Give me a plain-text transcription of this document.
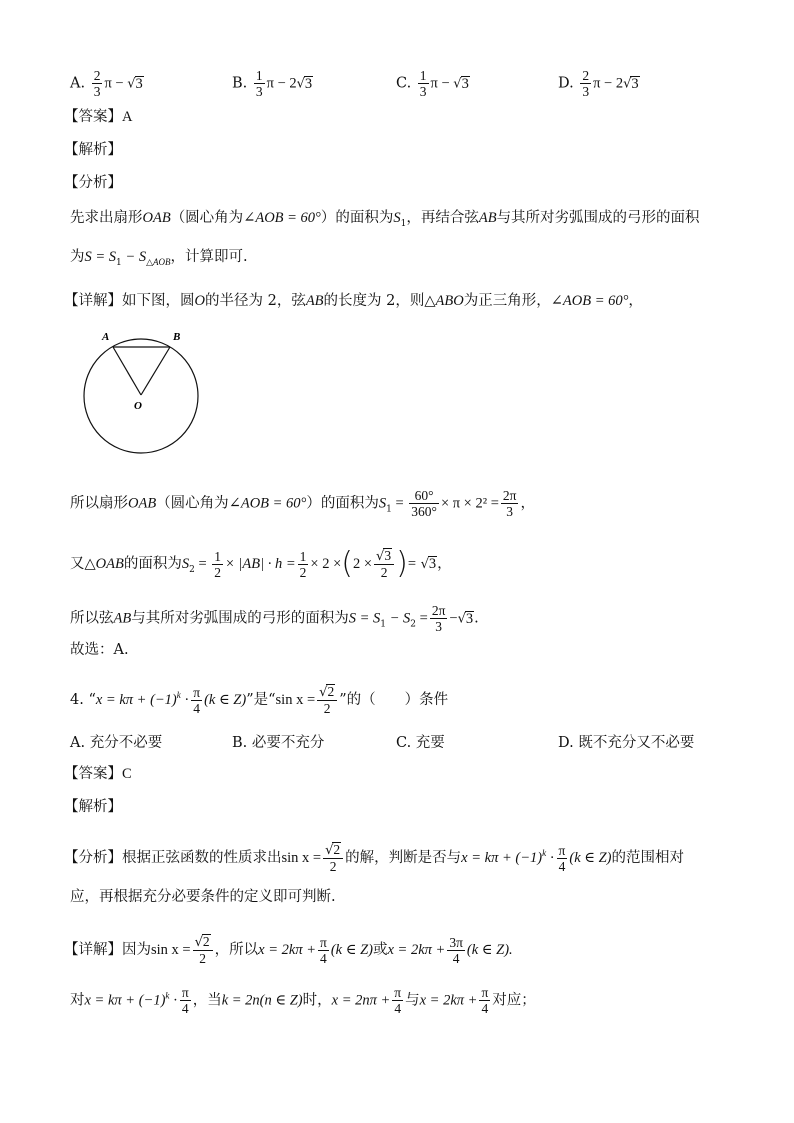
A. $\frac{2}{3}$ π − √3	B. $\frac{1}{3}$ π − 2√3	C. $\frac{1}{3}$ π − √3	D. $\frac{2}{3}$ π − 2√3
【答案】A
【解析】
【分析】
先求出扇形OAB（圆心角为∠AOB = 60°）的面积为$S_1$，再结合弦AB与其所对劣弧围成的弓形的面积
为$S = S_1 - S_{\triangle AOB}$，计算即可.
【详解】如下图，圆O的半径为 2，弦AB的长度为 2，则△ABO为正三角形，∠AOB = 60°，
A	B
O
所以扇形OAB（圆心角为∠AOB = 60°）的面积为$S_1 = \frac{60^\circ}{360^\circ} \times \pi \times 2^2 = \frac{2\pi}{3}$ ，
又△OAB的面积为$S_2 = \frac{1}{2} \times |AB| \cdot h = \frac{1}{2} \times 2 \times(2 \times \frac{√3}{2}$ )= √3，
所以弦AB与其所对劣弧围成的弓形的面积为$S = S_1 - S_2 = \frac{2\pi}{3} -√3$.
故选：A.
4. “$x = k\pi + (-1)^k \cdot \frac{\pi}{4} (k$ ∈ Z)”是“sin $x = \frac{√2}{2}$ ”的（　　）条件
A. 充分不必要	B. 必要不充分	C. 充要	D. 既不充分又不必要
【答案】C
【解析】
【分析】根据正弦函数的性质求出$\sin x = \frac{√2}{2}$ 的解，判断是否与$x = k\pi + (-1)^k \cdot \frac{\pi}{4} (k$ ∈ Z)的范围相对
应，再根据充分必要条件的定义即可判断.
【详解】因为$\sin x = \frac{√2}{2}$ ，所以$x = 2k\pi + \frac{\pi}{4} (k$ ∈ Z)或$x = 2k\pi + \frac{3\pi}{4} (k$ ∈ Z).
对$x = k\pi + (-1)^k \cdot \frac{\pi}{4}$ ，当k = 2n(n ∈ Z)时，$x = 2n\pi + \frac{\pi}{4}$ 与$x = 2k\pi + \frac{\pi}{4}$ 对应；
